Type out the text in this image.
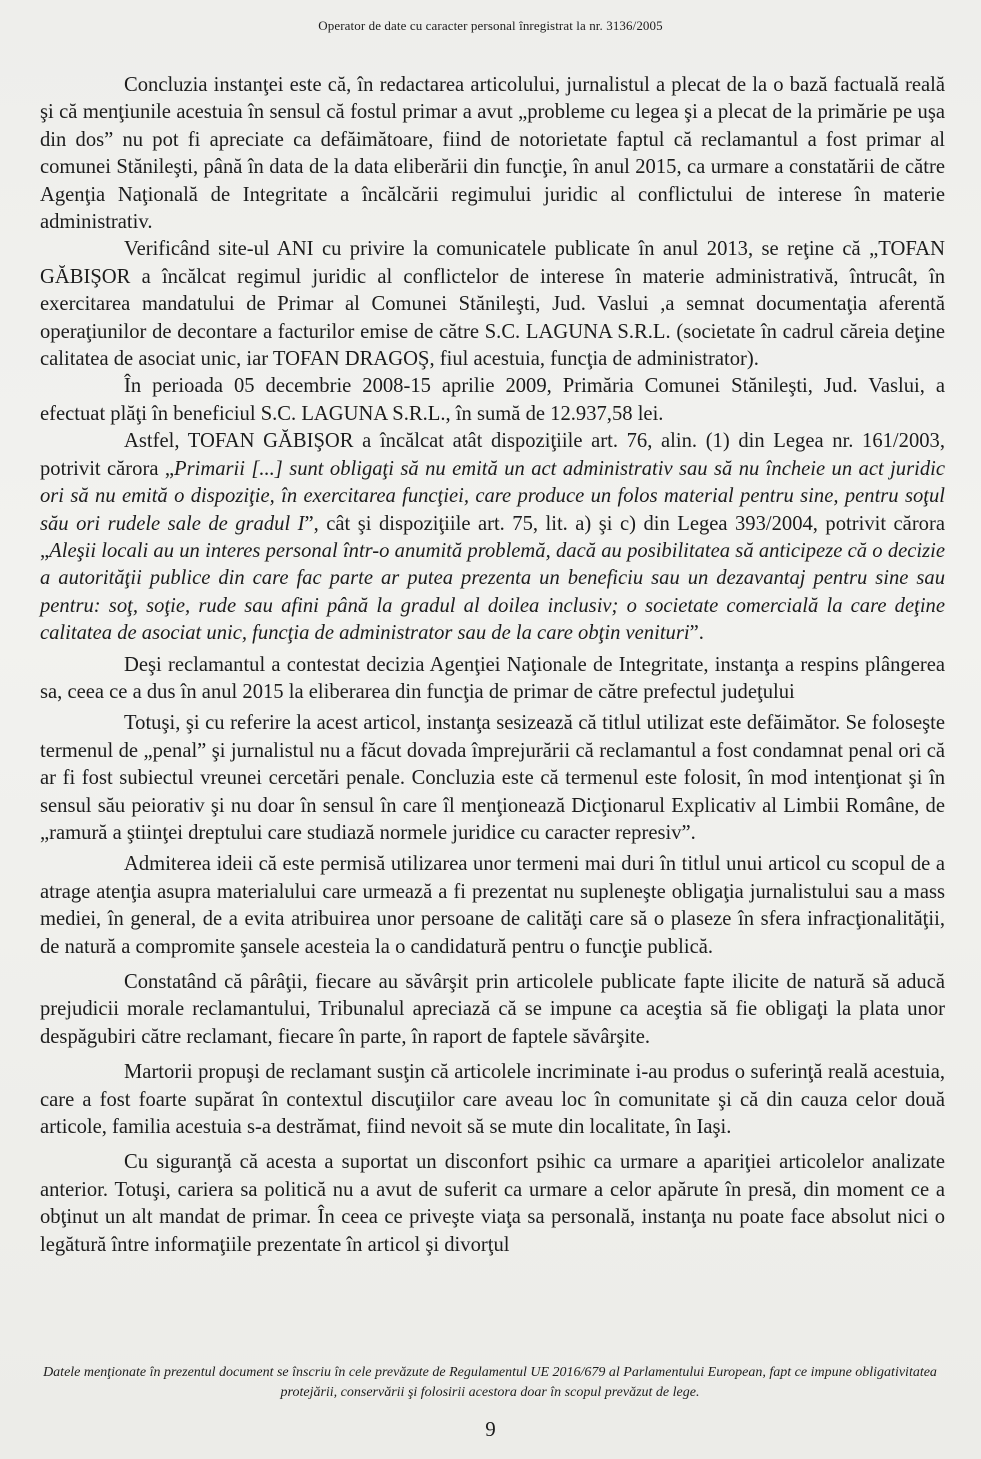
Operator de date cu caracter personal înregistrat la nr. 3136/2005

Concluzia instanţei este că, în redactarea articolului, jurnalistul a plecat de la o bază factuală reală şi că menţiunile acestuia în sensul că fostul primar a avut „probleme cu legea şi a plecat de la primărie pe uşa din dos” nu pot fi apreciate ca defăimătoare, fiind de notorietate faptul că reclamantul a fost primar al comunei Stănileşti, până în data de la data eliberării din funcţie, în anul 2015, ca urmare a constatării de către Agenţia Naţională de Integritate a încălcării regimului juridic al conflictului de interese în materie administrativ.

Verificând site-ul ANI cu privire la comunicatele publicate în anul 2013, se reţine că „TOFAN GĂBIŞOR a încălcat regimul juridic al conflictelor de interese în materie administrativă, întrucât, în exercitarea mandatului de Primar al Comunei Stănileşti, Jud. Vaslui ,a semnat documentaţia aferentă operaţiunilor de decontare a facturilor emise de către S.C. LAGUNA S.R.L. (societate în cadrul căreia deţine calitatea de asociat unic, iar TOFAN DRAGOŞ, fiul acestuia, funcţia de administrator).

În perioada 05 decembrie 2008-15 aprilie 2009, Primăria Comunei Stănileşti, Jud. Vaslui, a efectuat plăţi în beneficiul S.C. LAGUNA S.R.L., în sumă de 12.937,58 lei.

Astfel, TOFAN GĂBIŞOR a încălcat atât dispoziţiile art. 76, alin. (1) din Legea nr. 161/2003, potrivit cărora „Primarii [...] sunt obligaţi să nu emită un act administrativ sau să nu încheie un act juridic ori să nu emită o dispoziţie, în exercitarea funcţiei, care produce un folos material pentru sine, pentru soţul său ori rudele sale de gradul I”, cât şi dispoziţiile art. 75, lit. a) şi c) din Legea 393/2004, potrivit cărora „Aleşii locali au un interes personal într-o anumită problemă, dacă au posibilitatea să anticipeze că o decizie a autorităţii publice din care fac parte ar putea prezenta un beneficiu sau un dezavantaj pentru sine sau pentru: soţ, soţie, rude sau afini până la gradul al doilea inclusiv; o societate comercială la care deţine calitatea de asociat unic, funcţia de administrator sau de la care obţin venituri”.

Deşi reclamantul a contestat decizia Agenţiei Naţionale de Integritate, instanţa a respins plângerea sa, ceea ce a dus în anul 2015 la eliberarea din funcţia de primar de către prefectul judeţului

Totuşi, şi cu referire la acest articol, instanţa sesizează că titlul utilizat este defăimător. Se foloseşte termenul de „penal” şi jurnalistul nu a făcut dovada împrejurării că reclamantul a fost condamnat penal ori că ar fi fost subiectul vreunei cercetări penale. Concluzia este că termenul este folosit, în mod intenţionat şi în sensul său peiorativ şi nu doar în sensul în care îl menţionează Dicţionarul Explicativ al Limbii Române, de „ramură a ştiinţei dreptului care studiază normele juridice cu caracter represiv”.

Admiterea ideii că este permisă utilizarea unor termeni mai duri în titlul unui articol cu scopul de a atrage atenţia asupra materialului care urmează a fi prezentat nu supleneşte obligaţia jurnalistului sau a mass mediei, în general, de a evita atribuirea unor persoane de calităţi care să o plaseze în sfera infracţionalităţii, de natură a compromite şansele acesteia la o candidatură pentru o funcţie publică.

Constatând că pârâţii, fiecare au săvârşit prin articolele publicate fapte ilicite de natură să aducă prejudicii morale reclamantului, Tribunalul apreciază că se impune ca aceştia să fie obligaţi la plata unor despăgubiri către reclamant, fiecare în parte, în raport de faptele săvârşite.

Martorii propuşi de reclamant susţin că articolele incriminate i-au produs o suferinţă reală acestuia, care a fost foarte supărat în contextul discuţiilor care aveau loc în comunitate şi că din cauza celor două articole, familia acestuia s-a destrămat, fiind nevoit să se mute din localitate, în Iaşi.

Cu siguranţă că acesta a suportat un disconfort psihic ca urmare a apariţiei articolelor analizate anterior. Totuşi, cariera sa politică nu a avut de suferit ca urmare a celor apărute în presă, din moment ce a obţinut un alt mandat de primar. În ceea ce priveşte viaţa sa personală, instanţa nu poate face absolut nici o legătură între informaţiile prezentate în articol şi divorţul

Datele menţionate în prezentul document se înscriu în cele prevăzute de Regulamentul UE 2016/679 al Parlamentului European, fapt ce impune obligativitatea protejării, conservării şi folosirii acestora doar în scopul prevăzut de lege.
9
